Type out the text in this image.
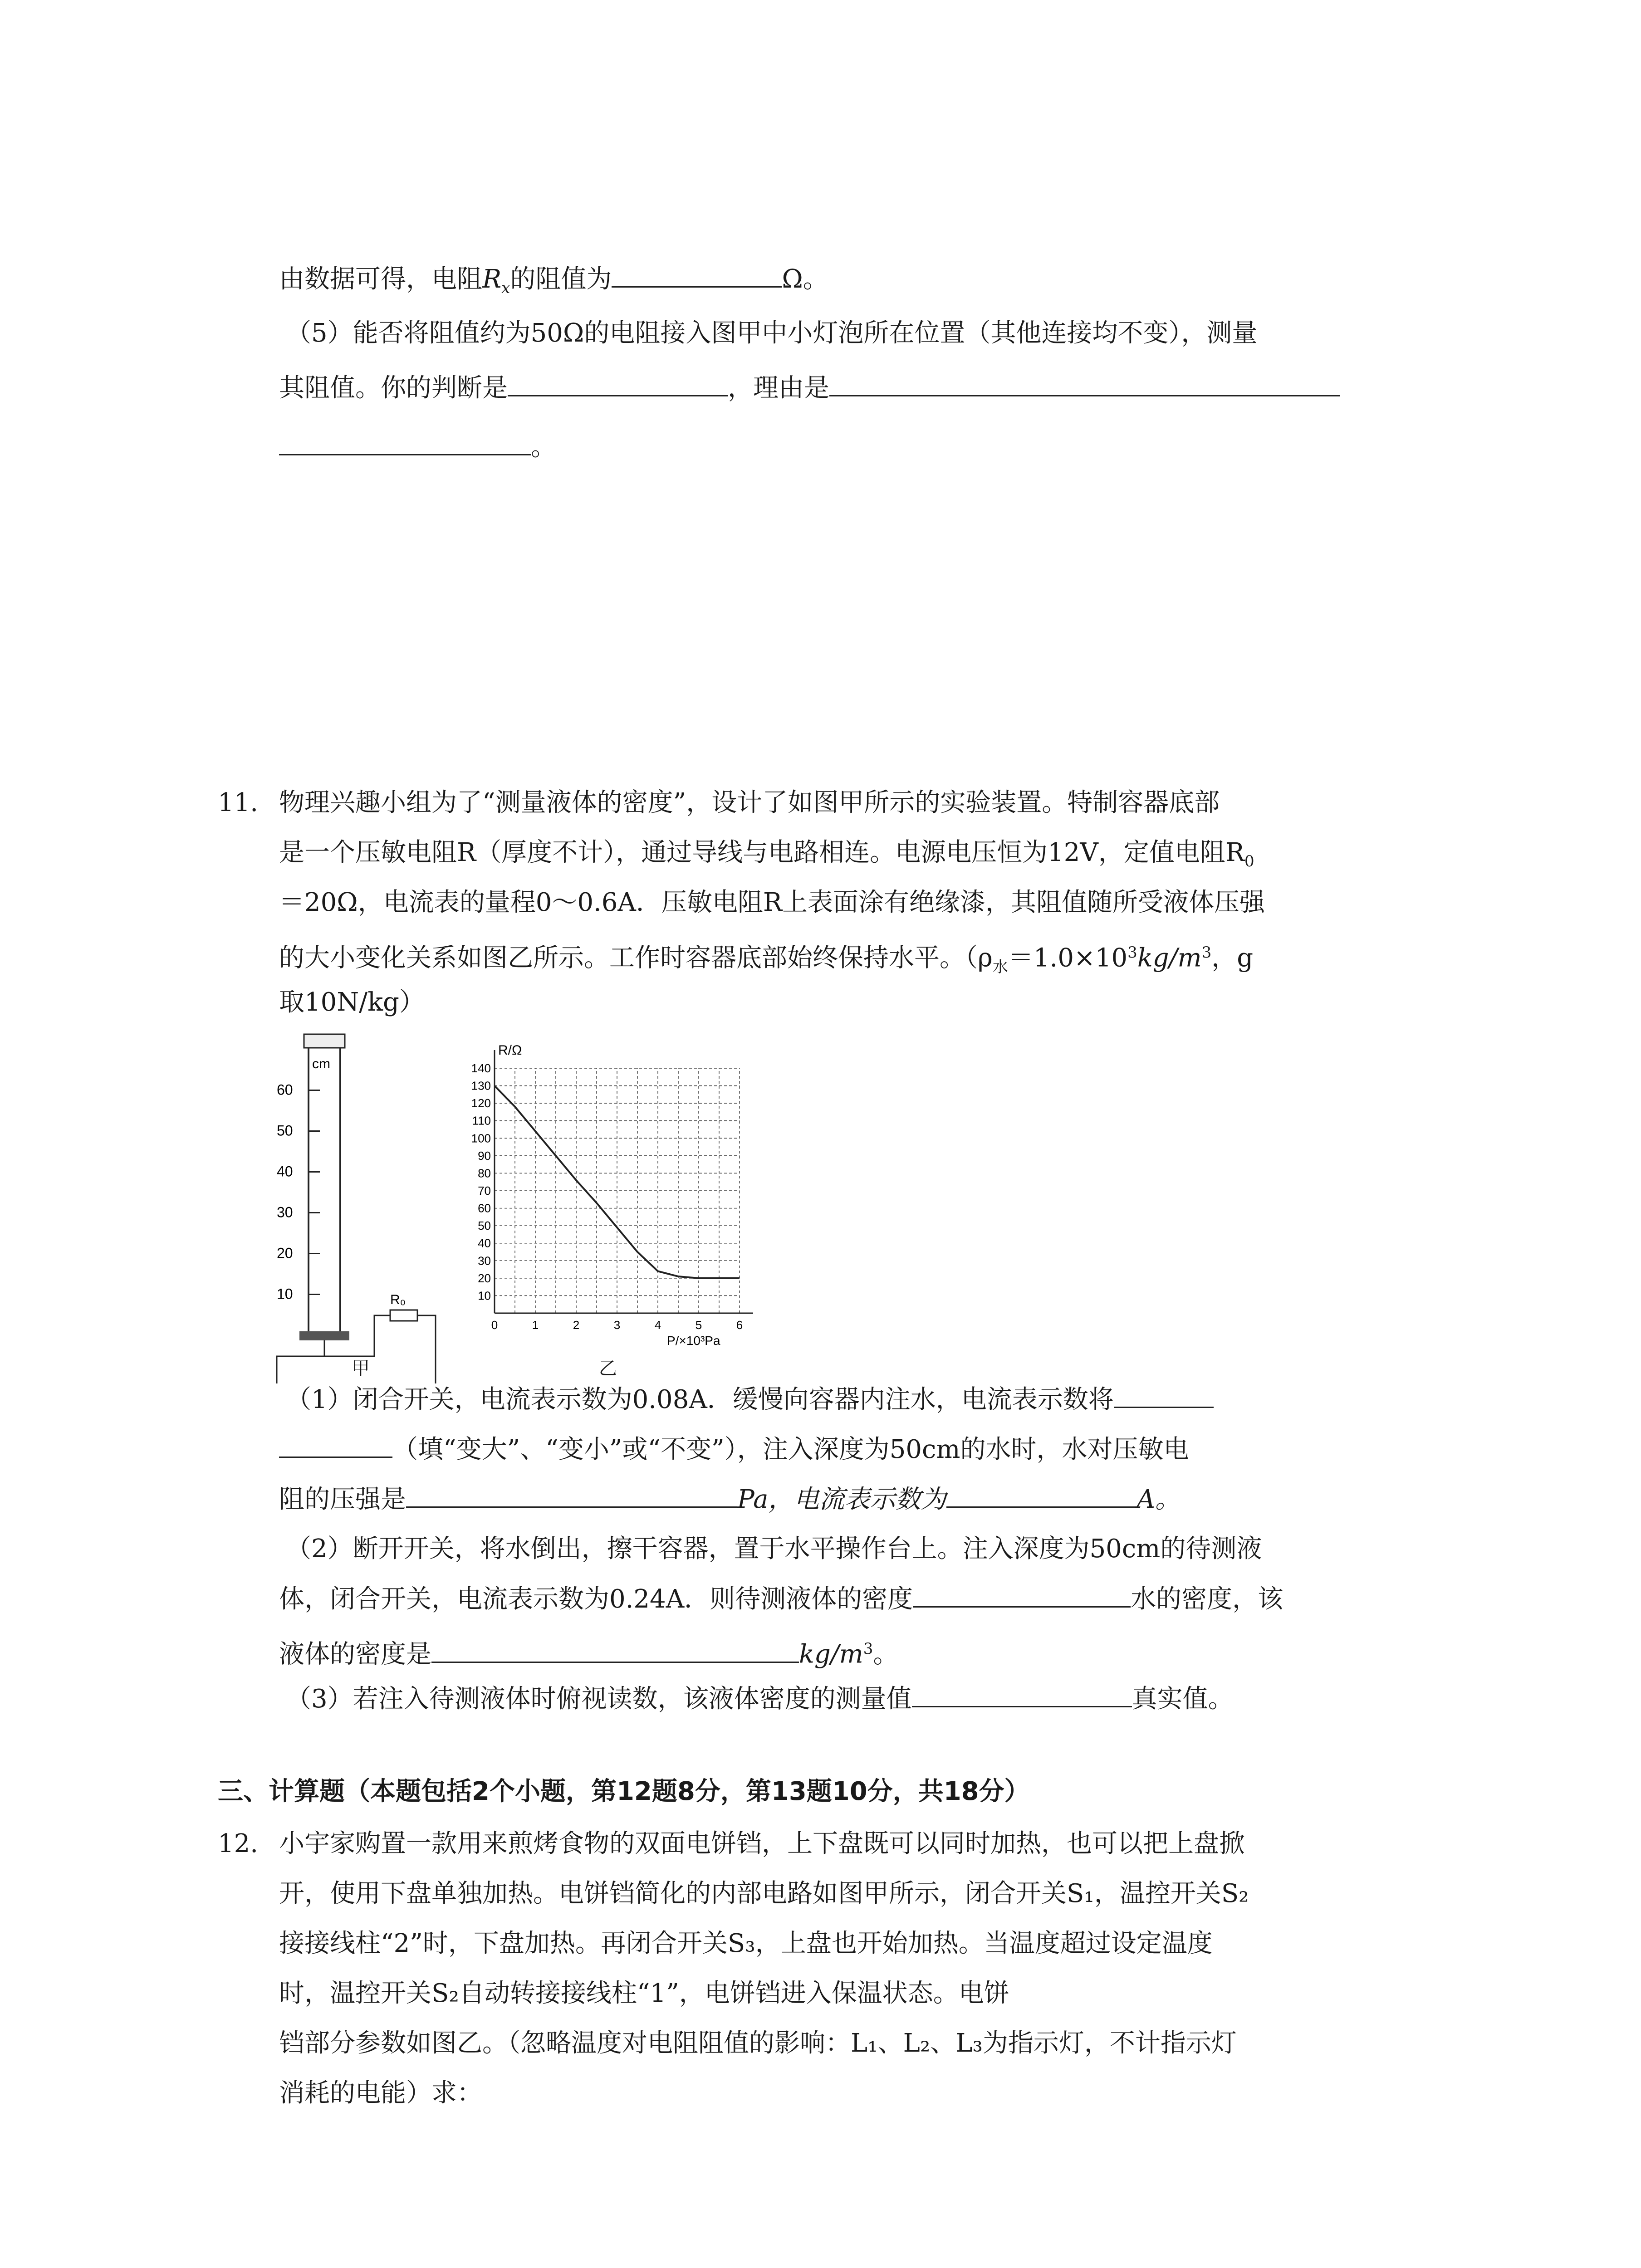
由数据可得，电阻$R_x$的阻值为	Ω。
（5）能否将阻值约为50Ω的电阻接入图甲中小灯泡所在位置（其他连接均不变），测量
其阻值。你的判断是	，理由是
。
11. 物理兴趣小组为了“测量液体的密度”，设计了如图甲所示的实验装置。特制容器底部
是一个压敏电阻R（厚度不计），通过导线与电路相连。电源电压恒为12V，定值电阻$R_0$
＝20Ω，电流表的量程0～0.6A．压敏电阻R上表面涂有绝缘漆，其阻值随所受液体压强
的大小变化关系如图乙所示。工作时容器底部始终保持水平。（$\rho_水=1.0\times 10^3kg/m^3$，g
取10N/kg）
cm
60
50
40
30
20
10	R₀
甲
140
130
120
110
100
90
80
70
60
50
40
30
20
10
0	1	2	3	4	5	6
R/Ω
P/×10³Pa
乙
（1）闭合开关，电流表示数为0.08A．缓慢向容器内注水，电流表示数将
（填“变大”、“变小”或“不变”），注入深度为50cm的水时，水对压敏电
阻的压强是	Pa，电流表示数为	A。
（2）断开开关，将水倒出，擦干容器，置于水平操作台上。注入深度为50cm的待测液
体，闭合开关，电流表示数为0.24A．则待测液体的密度	水的密度，该
液体的密度是	$kg/m^3$。
（3）若注入待测液体时俯视读数，该液体密度的测量值	真实值。
三、计算题（本题包括2个小题，第12题8分，第13题10分，共18分）
12. 小宇家购置一款用来煎烤食物的双面电饼铛，上下盘既可以同时加热，也可以把上盘掀
开，使用下盘单独加热。电饼铛简化的内部电路如图甲所示，闭合开关S₁，温控开关S₂
接接线柱“2”时，下盘加热。再闭合开关S₃，上盘也开始加热。当温度超过设定温度
时，温控开关S₂自动转接接线柱“1”，电饼铛进入保温状态。电饼
铛部分参数如图乙。（忽略温度对电阻阻值的影响：L₁、L₂、L₃为指示灯，不计指示灯
消耗的电能）求：
